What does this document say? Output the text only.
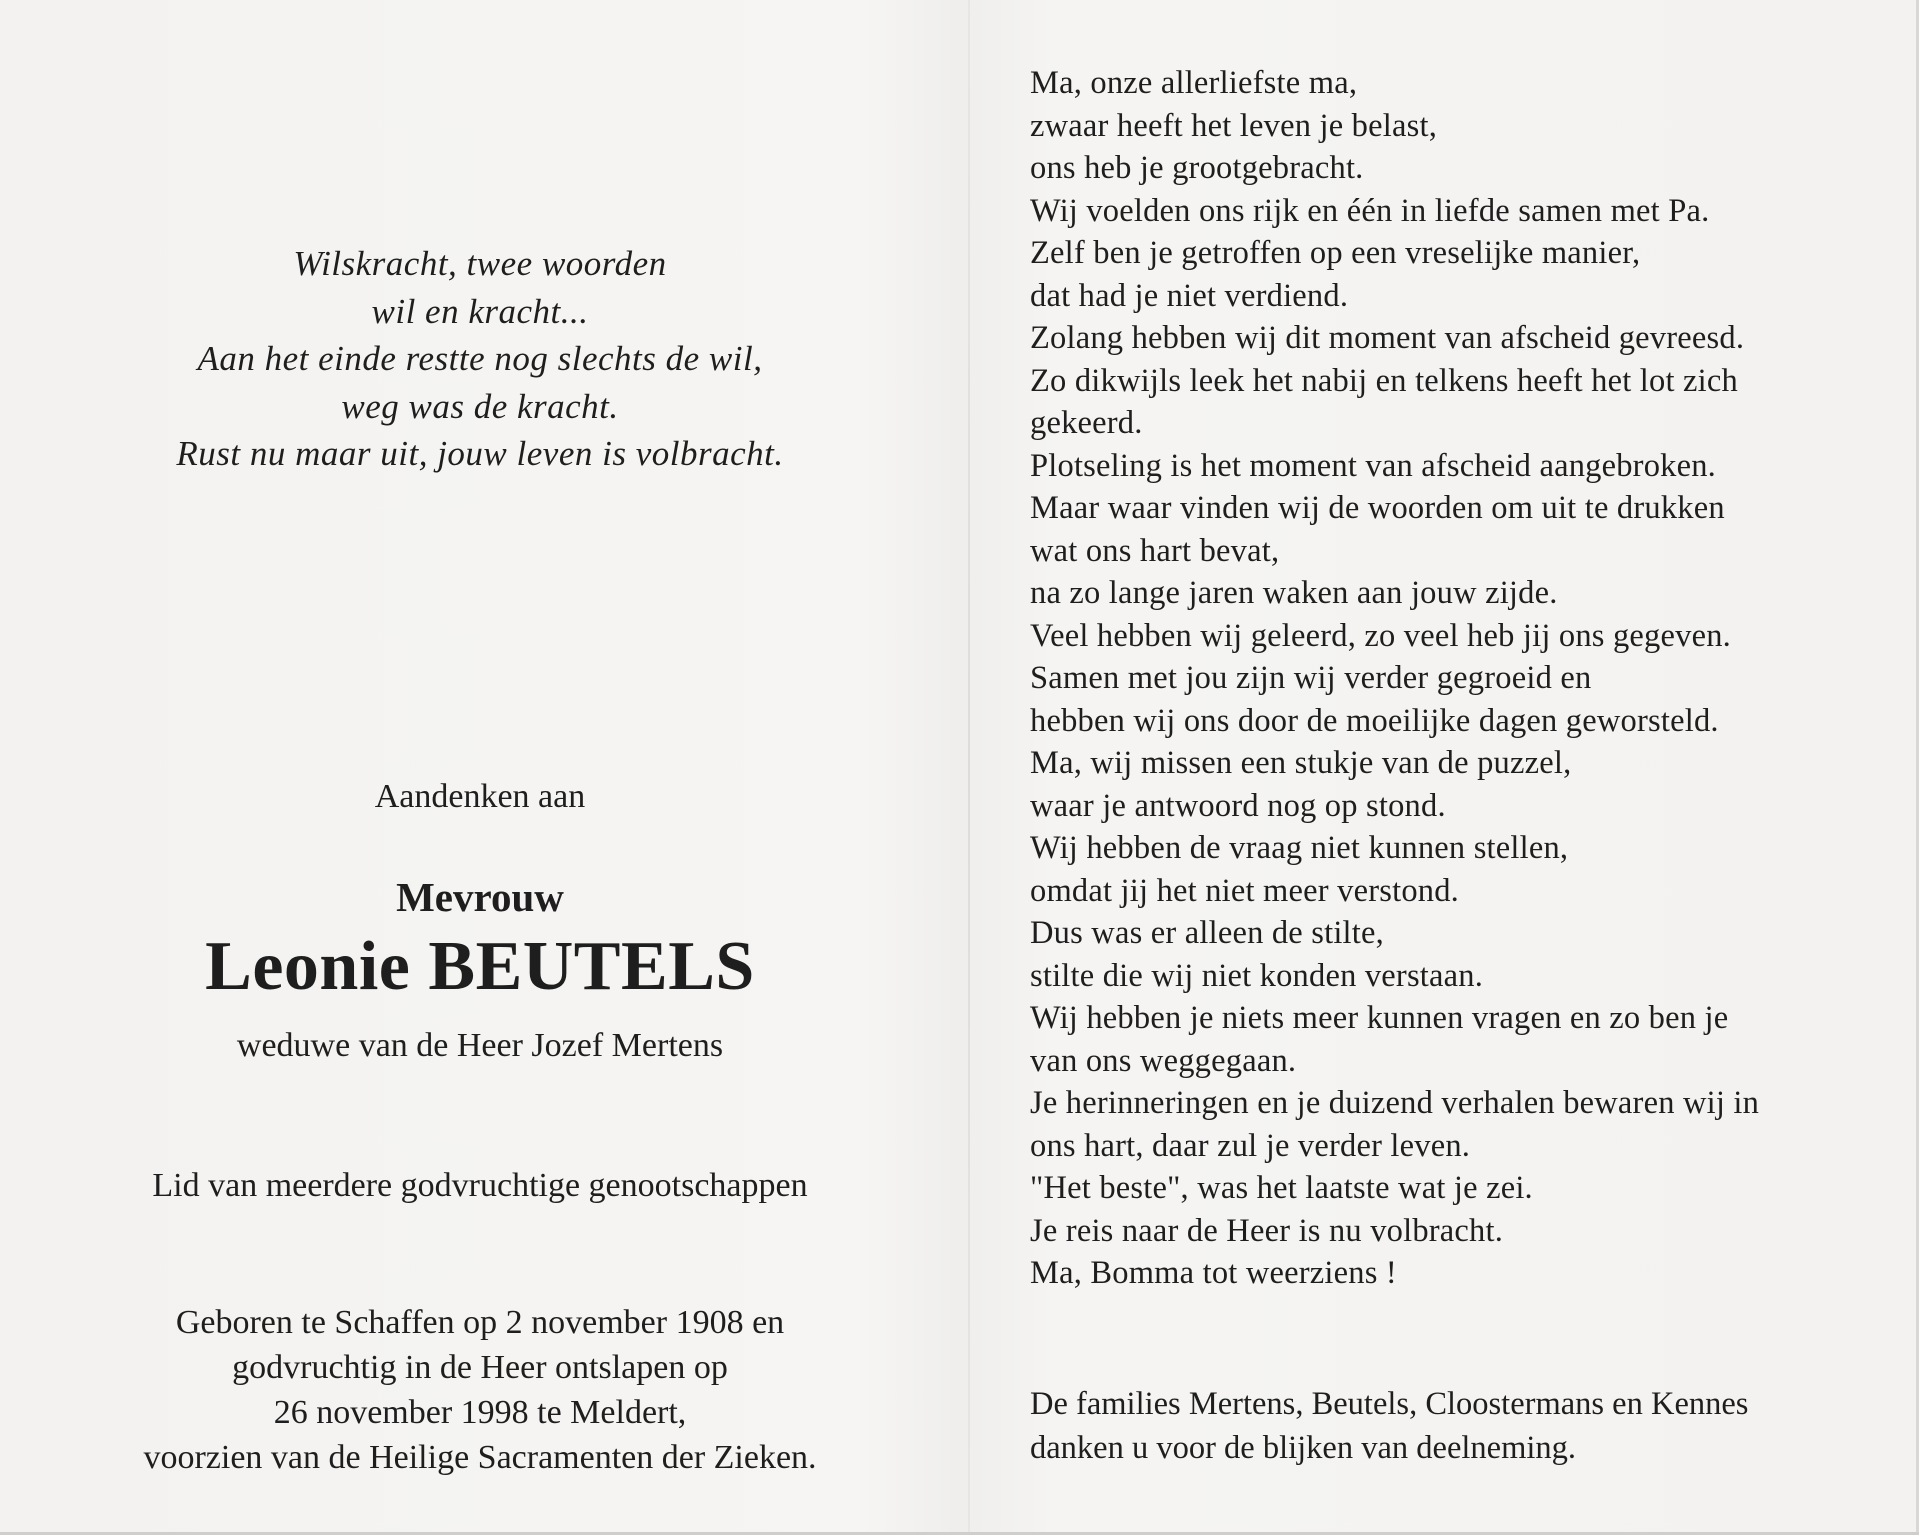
Wilskracht, twee woorden
wil en kracht...
Aan het einde restte nog slechts de wil,
weg was de kracht.
Rust nu maar uit, jouw leven is volbracht.
Aandenken aan
Mevrouw
Leonie BEUTELS
weduwe van de Heer Jozef Mertens
Lid van meerdere godvruchtige genootschappen
Geboren te Schaffen op 2 november 1908 en
godvruchtig in de Heer ontslapen op
26 november 1998 te Meldert,
voorzien van de Heilige Sacramenten der Zieken.
Ma, onze allerliefste ma,
zwaar heeft het leven je belast,
ons heb je grootgebracht.
Wij voelden ons rijk en één in liefde samen met Pa.
Zelf ben je getroffen op een vreselijke manier,
dat had je niet verdiend.
Zolang hebben wij dit moment van afscheid gevreesd.
Zo dikwijls leek het nabij en telkens heeft het lot zich
gekeerd.
Plotseling is het moment van afscheid aangebroken.
Maar waar vinden wij de woorden om uit te drukken
wat ons hart bevat,
na zo lange jaren waken aan jouw zijde.
Veel hebben wij geleerd, zo veel heb jij ons gegeven.
Samen met jou zijn wij verder gegroeid en
hebben wij ons door de moeilijke dagen geworsteld.
Ma, wij missen een stukje van de puzzel,
waar je antwoord nog op stond.
Wij hebben de vraag niet kunnen stellen,
omdat jij het niet meer verstond.
Dus was er alleen de stilte,
stilte die wij niet konden verstaan.
Wij hebben je niets meer kunnen vragen en zo ben je
van ons weggegaan.
Je herinneringen en je duizend verhalen bewaren wij in
ons hart, daar zul je verder leven.
"Het beste", was het laatste wat je zei.
Je reis naar de Heer is nu volbracht.
Ma, Bomma tot weerziens !
De families Mertens, Beutels, Cloostermans en Kennes
danken u voor de blijken van deelneming.
